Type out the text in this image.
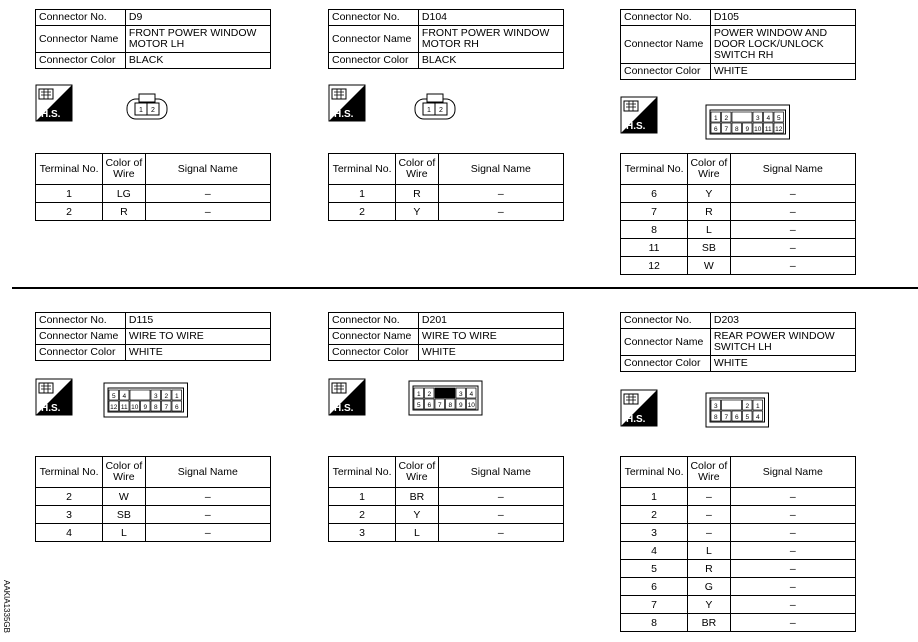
AAKIA1335GB
Connector No.	D9
Connector Name	FRONT POWER WINDOW MOTOR LH
Connector Color	BLACK
H.S.	1 2
Terminal No.	Color of Wire	Signal Name
1	LG	–
2	R	–
Connector No.	D104
Connector Name	FRONT POWER WINDOW MOTOR RH
Connector Color	BLACK
H.S.	1 2
Terminal No.	Color of Wire	Signal Name
1	R	–
2	Y	–
Connector No.	D105
Connector Name	POWER WINDOW AND DOOR LOCK/UNLOCK SWITCH RH
Connector Color	WHITE
H.S.
1 2	3 4 5
6 7 8 9 10 11 12
Terminal No.	Color of Wire	Signal Name
6	Y	–
7	R	–
8	L	–
11	SB	–
12	W	–
Connector No.	D115
Connector Name	WIRE TO WIRE
Connector Color	WHITE
H.S.
5 4	3 2 1
12 11 10 9 8 7 6
Terminal No.	Color of Wire	Signal Name
2	W	–
3	SB	–
4	L	–
Connector No.	D201
Connector Name	WIRE TO WIRE
Connector Color	WHITE
H.S.
1 2	3 4
5 6 7 8 9 10
Terminal No.	Color of Wire	Signal Name
1	BR	–
2	Y	–
3	L	–
Connector No.	D203
Connector Name	REAR POWER WINDOW SWITCH LH
Connector Color	WHITE
H.S.
3	2 1
8 7 6 5 4
Terminal No.	Color of Wire	Signal Name
1	–	–
2	–	–
3	–	–
4	L	–
5	R	–
6	G	–
7	Y	–
8	BR	–
